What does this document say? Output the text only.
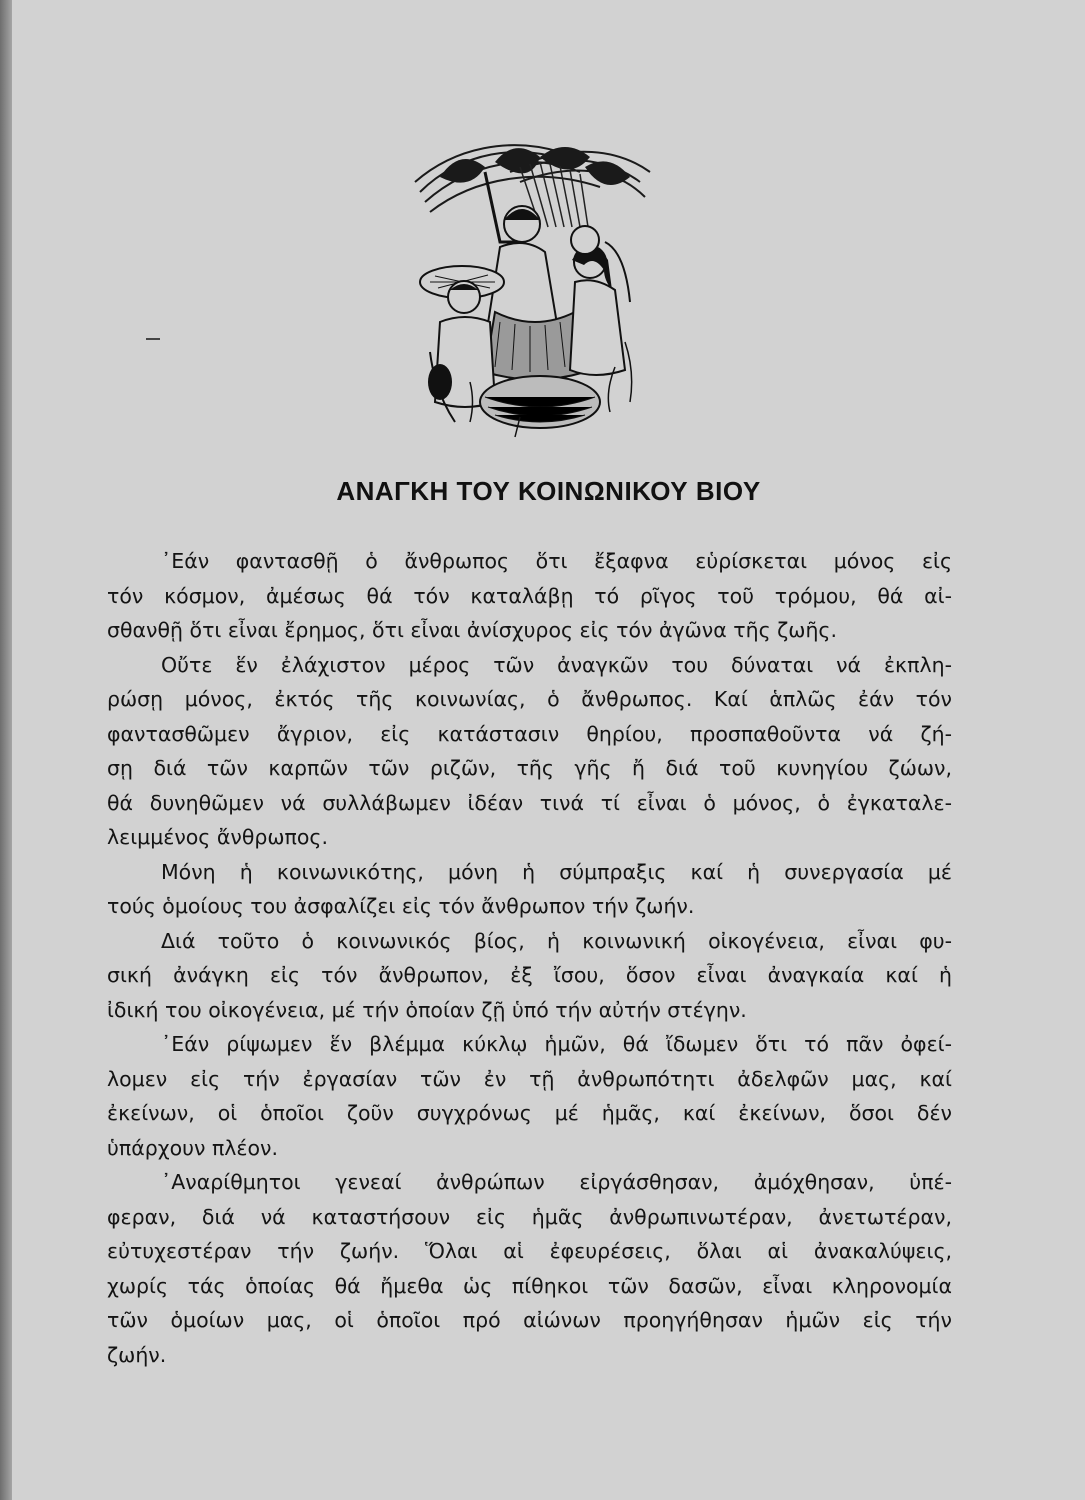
ΑΝΑΓΚΗ ΤΟΥ ΚΟΙΝΩΝΙΚΟΥ ΒΙΟΥ
᾿Εάν φαντασθῇ ὁ ἄνθρωπος ὅτι ἔξαφνα εὑρίσκεται μόνος εἰς
τόν κόσμον, ἀμέσως θά τόν καταλάβῃ τό ρῖγος τοῦ τρόμου, θά αἰ-
σθανθῇ ὅτι εἶναι ἔρημος, ὅτι εἶναι ἀνίσχυρος εἰς τόν ἀγῶνα τῆς ζωῆς.
Οὔτε ἕν ἐλάχιστον μέρος τῶν ἀναγκῶν του δύναται νά ἐκπλη-
ρώσῃ μόνος, ἐκτός τῆς κοινωνίας, ὁ ἄνθρωπος. Καί ἁπλῶς ἐάν τόν
φαντασθῶμεν ἄγριον, εἰς κατάστασιν θηρίου, προσπαθοῦντα νά ζή-
σῃ διά τῶν καρπῶν τῶν ριζῶν, τῆς γῆς ἤ διά τοῦ κυνηγίου ζώων,
θά δυνηθῶμεν νά συλλάβωμεν ἰδέαν τινά τί εἶναι ὁ μόνος, ὁ ἐγκαταλε-
λειμμένος ἄνθρωπος.
Μόνη ἡ κοινωνικότης, μόνη ἡ σύμπραξις καί ἡ συνεργασία μέ
τούς ὁμοίους του ἀσφαλίζει εἰς τόν ἄνθρωπον τήν ζωήν.
Διά τοῦτο ὁ κοινωνικός βίος, ἡ κοινωνική οἰκογένεια, εἶναι φυ-
σική ἀνάγκη εἰς τόν ἄνθρωπον, ἐξ ἴσου, ὅσον εἶναι ἀναγκαία καί ἡ
ἰδική του οἰκογένεια, μέ τήν ὁποίαν ζῇ ὑπό τήν αὐτήν στέγην.
᾿Εάν ρίψωμεν ἕν βλέμμα κύκλῳ ἡμῶν, θά ἴδωμεν ὅτι τό πᾶν ὀφεί-
λομεν εἰς τήν ἐργασίαν τῶν ἐν τῇ ἀνθρωπότητι ἀδελφῶν μας, καί
ἐκείνων, οἱ ὁποῖοι ζοῦν συγχρόνως μέ ἡμᾶς, καί ἐκείνων, ὅσοι δέν
ὑπάρχουν πλέον.
᾿Αναρίθμητοι γενεαί ἀνθρώπων εἰργάσθησαν, ἀμόχθησαν, ὑπέ-
φεραν, διά νά καταστήσουν εἰς ἡμᾶς ἀνθρωπινωτέραν, ἀνετωτέραν,
εὐτυχεστέραν τήν ζωήν. Ὅλαι αἱ ἐφευρέσεις, ὅλαι αἱ ἀνακαλύψεις,
χωρίς τάς ὁποίας θά ἤμεθα ὡς πίθηκοι τῶν δασῶν, εἶναι κληρονομία
τῶν ὁμοίων μας, οἱ ὁποῖοι πρό αἰώνων προηγήθησαν ἡμῶν εἰς τήν
ζωήν.
